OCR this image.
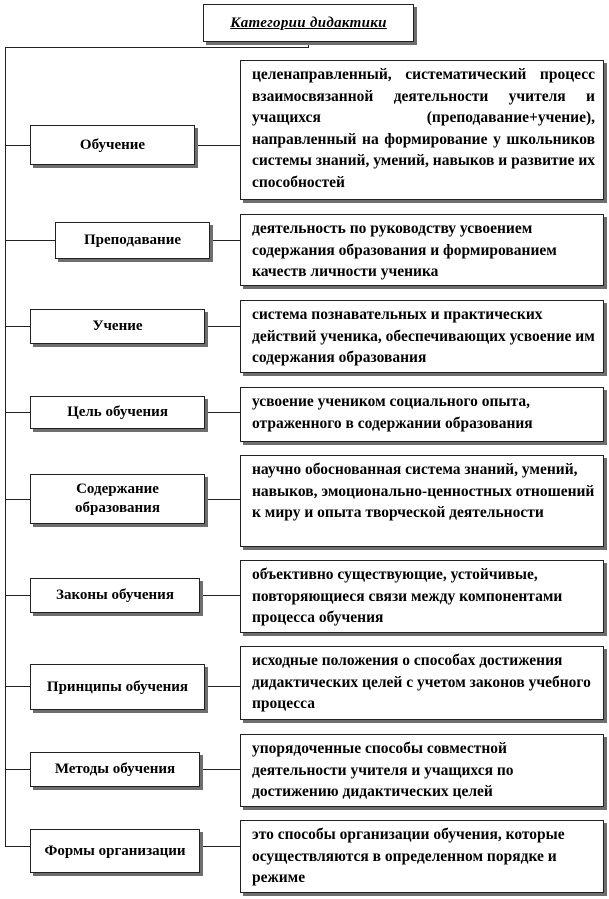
Категории дидактики
Обучение
целенаправленный, систематический процесс взаимосвязанной деятельности учителя и учащихся (преподавание+учение), направленный на формирование у школьников системы знаний, умений, навыков и развитие их способностей
Преподавание
деятельность по руководству усвоением содержания образования и формированием качеств личности ученика
Учение
система познавательных и практических действий ученика, обеспечивающих усвоение им содержания образования
Цель обучения
усвоение учеником социального опыта, отраженного в содержании образования
Содержание образования
научно обоснованная система знаний, умений, навыков, эмоционально-ценностных отношений к миру и опыта творческой деятельности
Законы обучения
объективно существующие, устойчивые, повторяющиеся связи между компонентами процесса обучения
Принципы обучения
исходные положения о способах достижения дидактических целей с учетом законов учебного процесса
Методы обучения
упорядоченные способы совместной деятельности учителя и учащихся по достижению дидактических целей
Формы организации
это способы организации обучения, которые осуществляются в определенном порядке и режиме
